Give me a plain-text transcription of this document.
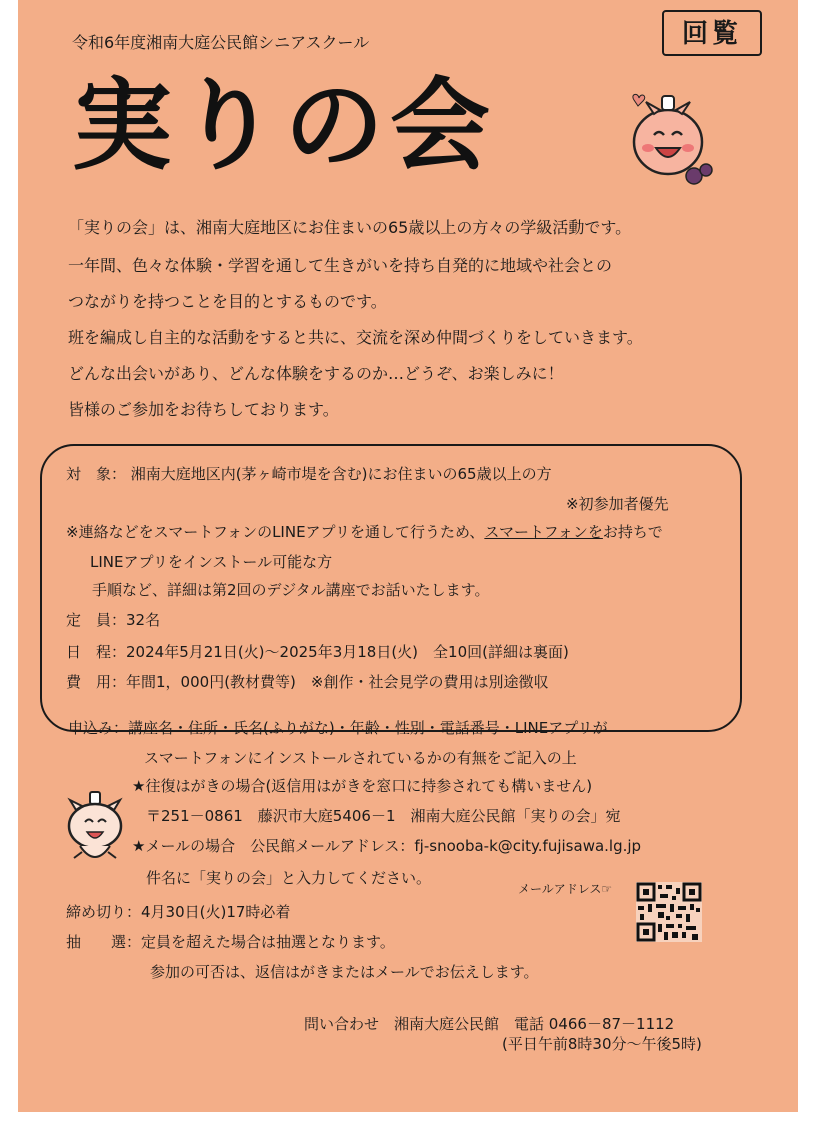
令和6年度湘南大庭公民館シニアスクール	回覧
実りの会
「実りの会」は、湘南大庭地区にお住まいの65歳以上の方々の学級活動です。
一年間、色々な体験・学習を通して生きがいを持ち自発的に地域や社会との
つながりを持つことを目的とするものです。
班を編成し自主的な活動をすると共に、交流を深め仲間づくりをしていきます。
どんな出会いがあり、どんな体験をするのか…どうぞ、お楽しみに！
皆様のご参加をお待ちしております。
対　象： 湘南大庭地区内(茅ヶ崎市堤を含む)にお住まいの65歳以上の方
※初参加者優先
※連絡などをスマートフォンのLINEアプリを通して行うため、スマートフォンをお持ちで
LINEアプリをインストール可能な方
手順など、詳細は第2回のデジタル講座でお話いたします。
定　員：32名
日　程：2024年5月21日(火)～2025年3月18日(火)　全10回(詳細は裏面)
費　用：年間1，000円(教材費等)　※創作・社会見学の費用は別途徴収
申込み：講座名・住所・氏名(ふりがな)・年齢・性別・電話番号・LINEアプリが
スマートフォンにインストールされているかの有無をご記入の上
★往復はがきの場合(返信用はがきを窓口に持参されても構いません)
〒251－0861　藤沢市大庭5406－1　湘南大庭公民館「実りの会」宛
★メールの場合　公民館メールアドレス：fj-snooba-k@city.fujisawa.lg.jp
件名に「実りの会」と入力してください。
メールアドレス☞
締め切り：4月30日(火)17時必着
抽　　選：定員を超えた場合は抽選となります。
参加の可否は、返信はがきまたはメールでお伝えします。
問い合わせ　湘南大庭公民館　電話 0466－87－1112
(平日午前8時30分～午後5時)
